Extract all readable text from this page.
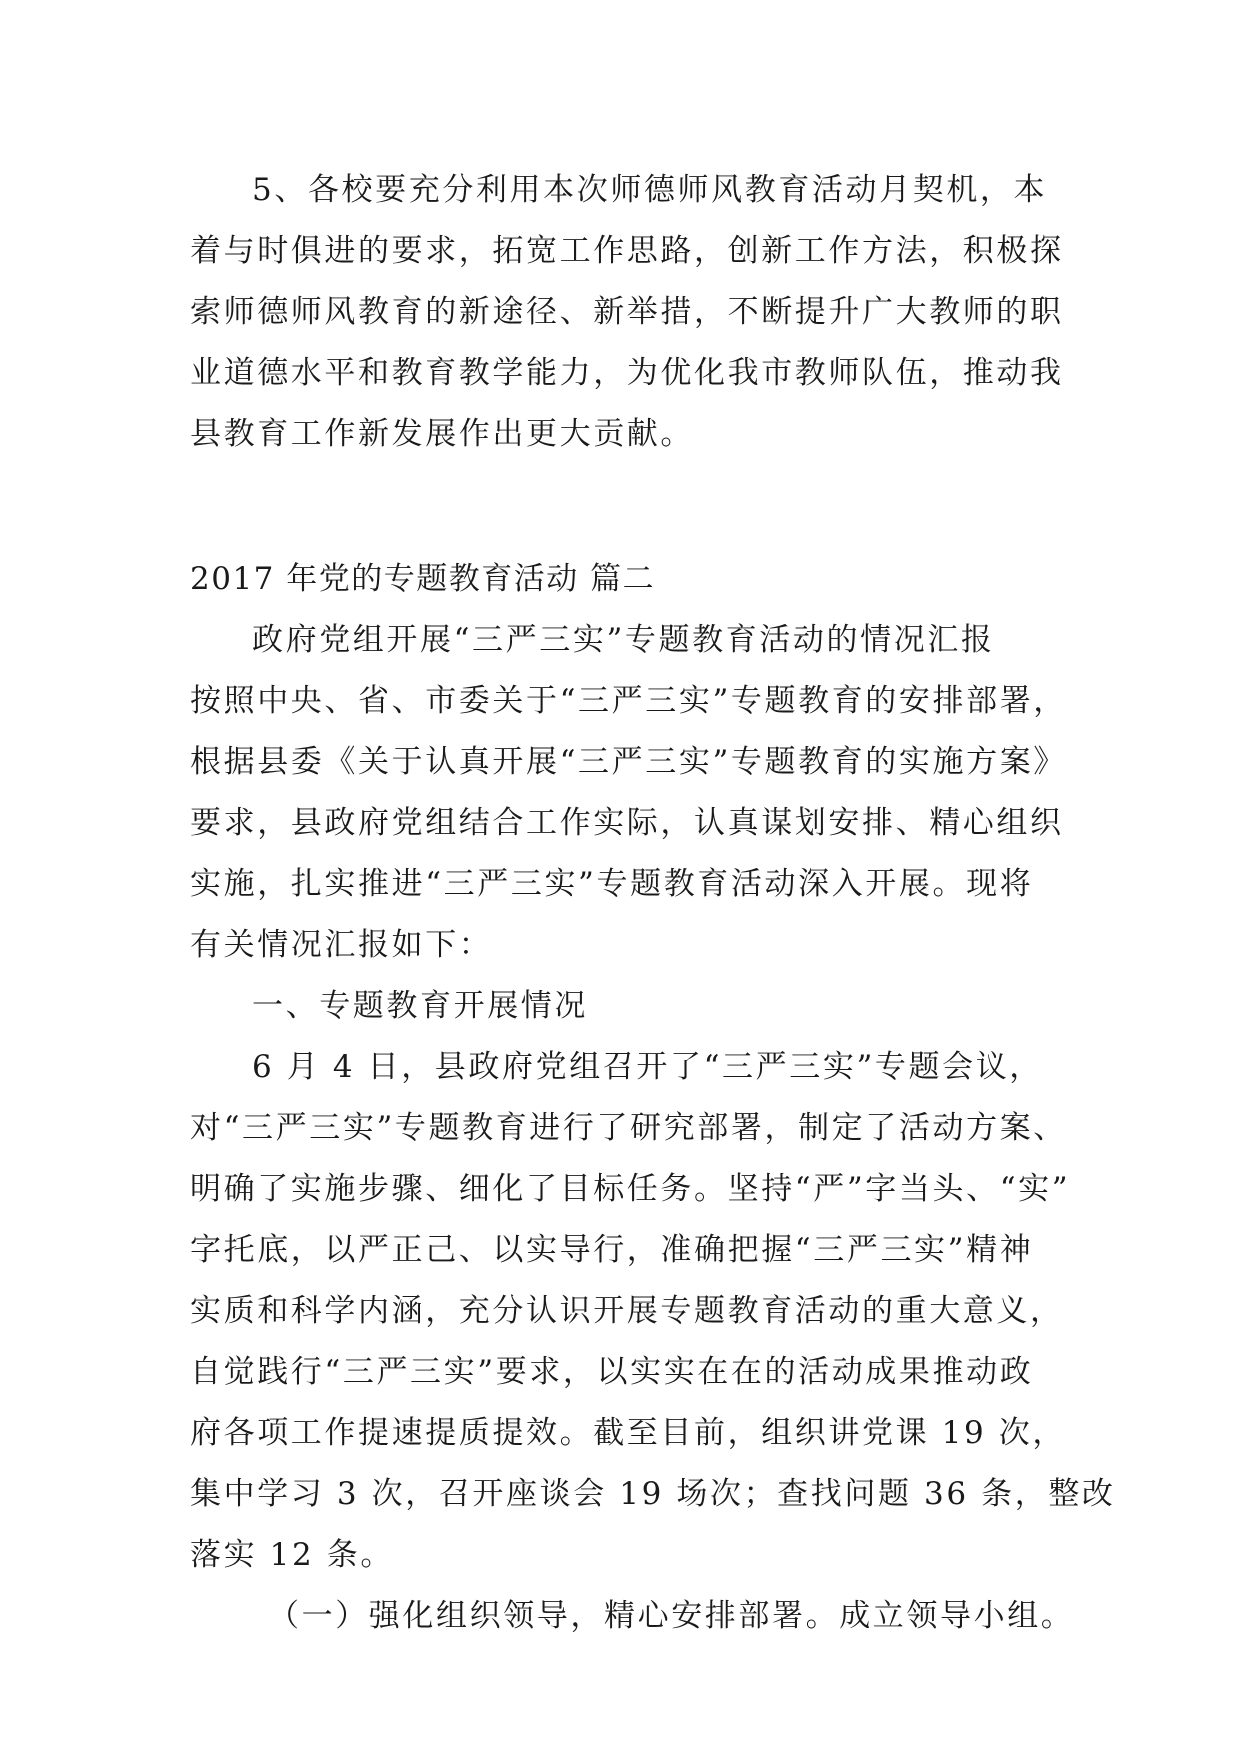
5、各校要充分利用本次师德师风教育活动月契机，本
着与时俱进的要求，拓宽工作思路，创新工作方法，积极探
索师德师风教育的新途径、新举措，不断提升广大教师的职
业道德水平和教育教学能力，为优化我市教师队伍，推动我
县教育工作新发展作出更大贡献。
2017 年党的专题教育活动 篇二
政府党组开展“三严三实”专题教育活动的情况汇报
按照中央、省、市委关于“三严三实”专题教育的安排部署，
根据县委《关于认真开展“三严三实”专题教育的实施方案》
要求，县政府党组结合工作实际，认真谋划安排、精心组织
实施，扎实推进“三严三实”专题教育活动深入开展。现将
有关情况汇报如下：
一、专题教育开展情况
6 月 4 日，县政府党组召开了“三严三实”专题会议，
对“三严三实”专题教育进行了研究部署，制定了活动方案、
明确了实施步骤、细化了目标任务。坚持“严”字当头、“实”
字托底，以严正己、以实导行，准确把握“三严三实”精神
实质和科学内涵，充分认识开展专题教育活动的重大意义，
自觉践行“三严三实”要求，以实实在在的活动成果推动政
府各项工作提速提质提效。截至目前，组织讲党课 19 次，
集中学习 3 次，召开座谈会 19 场次；查找问题 36 条，整改
落实 12 条。
（一）强化组织领导，精心安排部署。成立领导小组。
